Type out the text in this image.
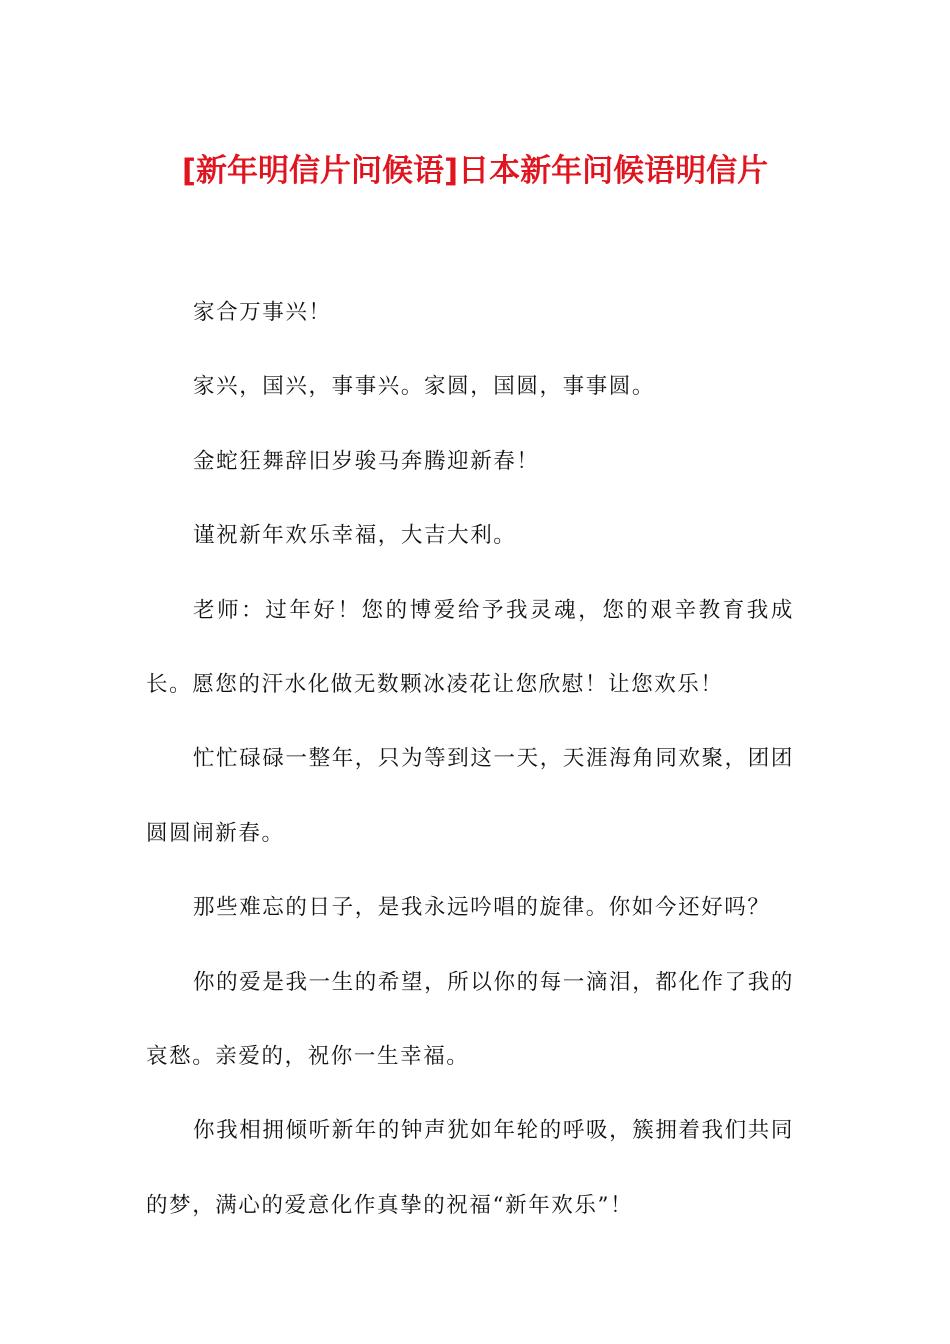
[新年明信片问候语]日本新年问候语明信片

家合万事兴！

家兴，国兴，事事兴。家圆，国圆，事事圆。

金蛇狂舞辞旧岁骏马奔腾迎新春！

谨祝新年欢乐幸福，大吉大利。

老师：过年好！您的博爱给予我灵魂，您的艰辛教育我成长。愿您的汗水化做无数颗冰凌花让您欣慰！让您欢乐！

忙忙碌碌一整年，只为等到这一天，天涯海角同欢聚，团团圆圆闹新春。

那些难忘的日子，是我永远吟唱的旋律。你如今还好吗？

你的爱是我一生的希望，所以你的每一滴泪，都化作了我的哀愁。亲爱的，祝你一生幸福。

你我相拥倾听新年的钟声犹如年轮的呼吸，簇拥着我们共同的梦，满心的爱意化作真挚的祝福“新年欢乐”！
